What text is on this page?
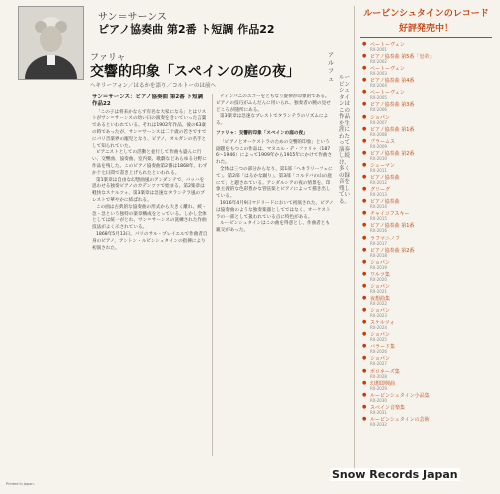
サン＝サーンス
ピアノ協奏曲 第2番 ト短調 作品22
ファリャ
交響的印象「スペインの庭の夜」
ヘキリーフォン／はるかを語り／コルトーのは前へ
アルフュ
サン＝サーンス：ピアノ協奏曲 第2番 ト短調 作品22

「この子は将来かならず有名な大家になる」とはリストがサン＝サーンスの幼い日の演奏をきいていった言葉であるといわれている。それは1902年作品、彼の63歳の時であったが、サン＝サーンスは二十歳の若さですでにパリ音楽界の寵児となり、ピアノ、オルガンの名手として知られていた。

ピアニストとしての活動と並行して作曲も盛んに行い、交響曲、協奏曲、室内楽、歌劇などあらゆる分野に作品を残した。このピアノ協奏曲第2番は1868年、わずか十七日間で書き上げられたといわれる。

第1楽章は自由な幻想曲風のアンダンテで、バッハを思わせる独奏ピアノのカデンツァで始まる。第2楽章は軽快なスケルツォ、第3楽章は急速なタランテラ風のプレストで華やかに結ばれる。

この曲は古典的な協奏曲の形式から大きく離れ、緩・急・急という独特の楽章構成をとっている。しかし全体としては統一がとれ、サン＝サーンスの洗練された作曲技法がよく示されている。

1868年5月13日、パリのサル・プレイエルで作曲者自身のピアノ、アントン・ルビンシュタインの指揮により初演された。

ティンパニのエコーをともなう旋律が印象的である。ピアノの技巧がふんだんに用いられ、独奏者の腕の見せどころが随所にある。

第3楽章は急速なプレストでタランテラのリズムによる。

ファリャ：交響的印象「スペインの庭の夜」

「ピアノとオーケストラのための交響的印象」という副題をもつこの作品は、マヌエル・デ・ファリャ（1876〜1946）によって1909年から1915年にかけて作曲された。

全体は三つの部分からなり、第1部「ヘネラリーフェにて」、第2部「はるかな踊り」、第3部「コルドバの山の庭にて」と題されている。アンダルシアの夜の情景を、印象主義的な色彩豊かな管弦楽とピアノによって描き出している。

1916年4月9日マドリードにおいて初演された。ピアノは協奏曲のような独奏楽器としてではなく、オーケストラの一部として扱われている点に特色がある。

ルービンシュタインはこの曲を得意とし、作曲者とも親交があった。

ルービンシュタインはこの作品を生涯にわたって演奏し続け、多くの録音を残している。
ルービンシュタインのレコード
好評発売中！
● ベートーヴェン
RX-2001
● ピアノ協奏曲 第5番「皇帝」
RX-2002
● ベートーヴェン
RX-2003
● ピアノ協奏曲 第4番
RX-2004
● ベートーヴェン
RX-2005
● ピアノ協奏曲 第3番
RX-2006
● ショパン
RX-2007
● ピアノ協奏曲 第1番
RX-2008
● ブラームス
RX-2009
● ピアノ協奏曲 第2番
RX-2010
● シューマン
RX-2011
● ピアノ協奏曲
RX-2012
● グリーグ
RX-2013
● ピアノ協奏曲
RX-2014
● チャイコフスキー
RX-2015
● ピアノ協奏曲 第1番
RX-2016
● ラフマニノフ
RX-2017
● ピアノ協奏曲 第2番
RX-2018
● ショパン
RX-2019
● ワルツ集
RX-2020
● ショパン
RX-2021
● 夜想曲集
RX-2022
● ショパン
RX-2023
● スケルツォ
RX-2024
● ショパン
RX-2025
● バラード集
RX-2026
● ショパン
RX-2027
● ポロネーズ集
RX-2028
● 幻想即興曲
RX-2029
● ルービンシュタイン小品集
RX-2030
● スペイン音楽集
RX-2031
● ルービンシュタインの芸術
RX-2032
Printed in Japan.
Snow Records Japan
